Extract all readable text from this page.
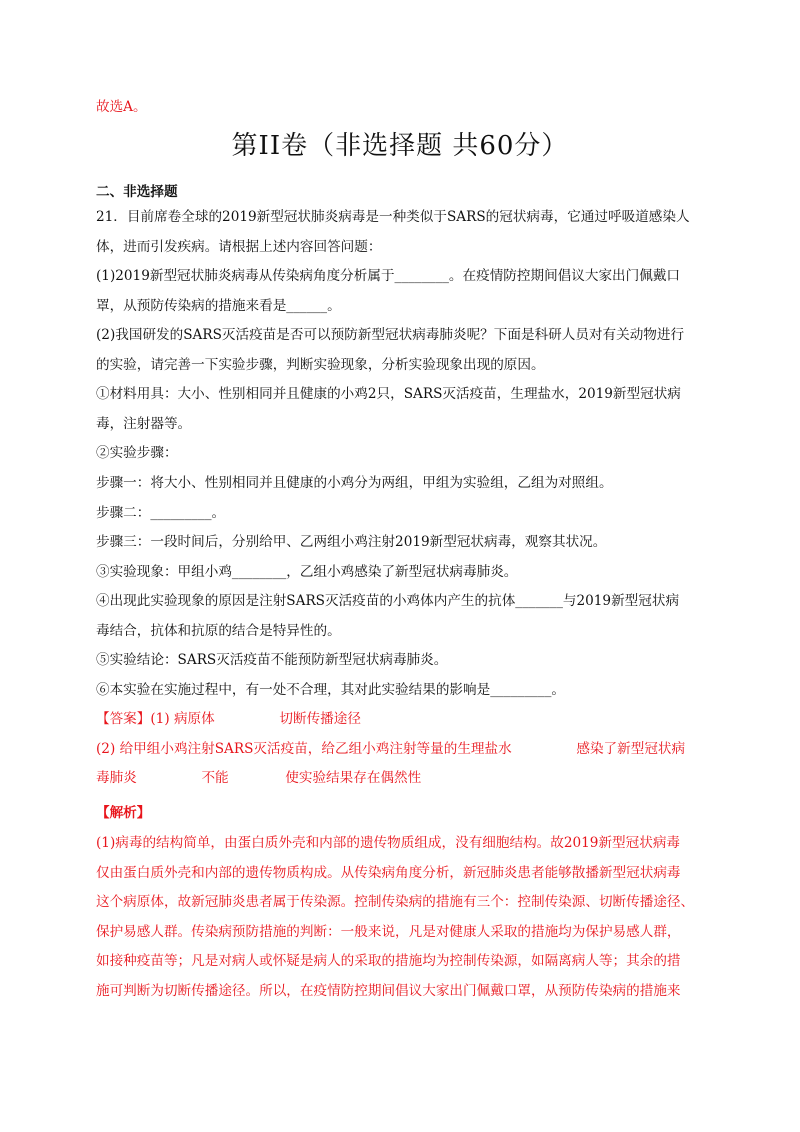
故选A。
第II卷（非选择题 共60分）
二、非选择题
21．目前席卷全球的2019新型冠状肺炎病毒是一种类似于SARS的冠状病毒，它通过呼吸道感染人
体，进而引发疾病。请根据上述内容回答问题：
(1)2019新型冠状肺炎病毒从传染病角度分析属于________。在疫情防控期间倡议大家出门佩戴口
罩，从预防传染病的措施来看是______。
(2)我国研发的SARS灭活疫苗是否可以预防新型冠状病毒肺炎呢？下面是科研人员对有关动物进行
的实验，请完善一下实验步骤，判断实验现象，分析实验现象出现的原因。
①材料用具：大小、性别相同并且健康的小鸡2只，SARS灭活疫苗，生理盐水，2019新型冠状病
毒，注射器等。
②实验步骤：
步骤一：将大小、性别相同并且健康的小鸡分为两组，甲组为实验组，乙组为对照组。
步骤二：_________。
步骤三：一段时间后，分别给甲、乙两组小鸡注射2019新型冠状病毒，观察其状况。
③实验现象：甲组小鸡________，乙组小鸡感染了新型冠状病毒肺炎。
④出现此实验现象的原因是注射SARS灭活疫苗的小鸡体内产生的抗体_______与2019新型冠状病
毒结合，抗体和抗原的结合是特异性的。
⑤实验结论：SARS灭活疫苗不能预防新型冠状病毒肺炎。
⑥本实验在实施过程中，有一处不合理，其对此实验结果的影响是_________。
【答案】(1) 病原体	切断传播途径
(2) 给甲组小鸡注射SARS灭活疫苗，给乙组小鸡注射等量的生理盐水	感染了新型冠状病
毒肺炎	不能	使实验结果存在偶然性
【解析】
(1)病毒的结构简单，由蛋白质外壳和内部的遗传物质组成，没有细胞结构。故2019新型冠状病毒
仅由蛋白质外壳和内部的遗传物质构成。从传染病角度分析，新冠肺炎患者能够散播新型冠状病毒
这个病原体，故新冠肺炎患者属于传染源。控制传染病的措施有三个：控制传染源、切断传播途径、
保护易感人群。传染病预防措施的判断：一般来说，凡是对健康人采取的措施均为保护易感人群，
如接种疫苗等；凡是对病人或怀疑是病人的采取的措施均为控制传染源，如隔离病人等；其余的措
施可判断为切断传播途径。所以，在疫情防控期间倡议大家出门佩戴口罩，从预防传染病的措施来
